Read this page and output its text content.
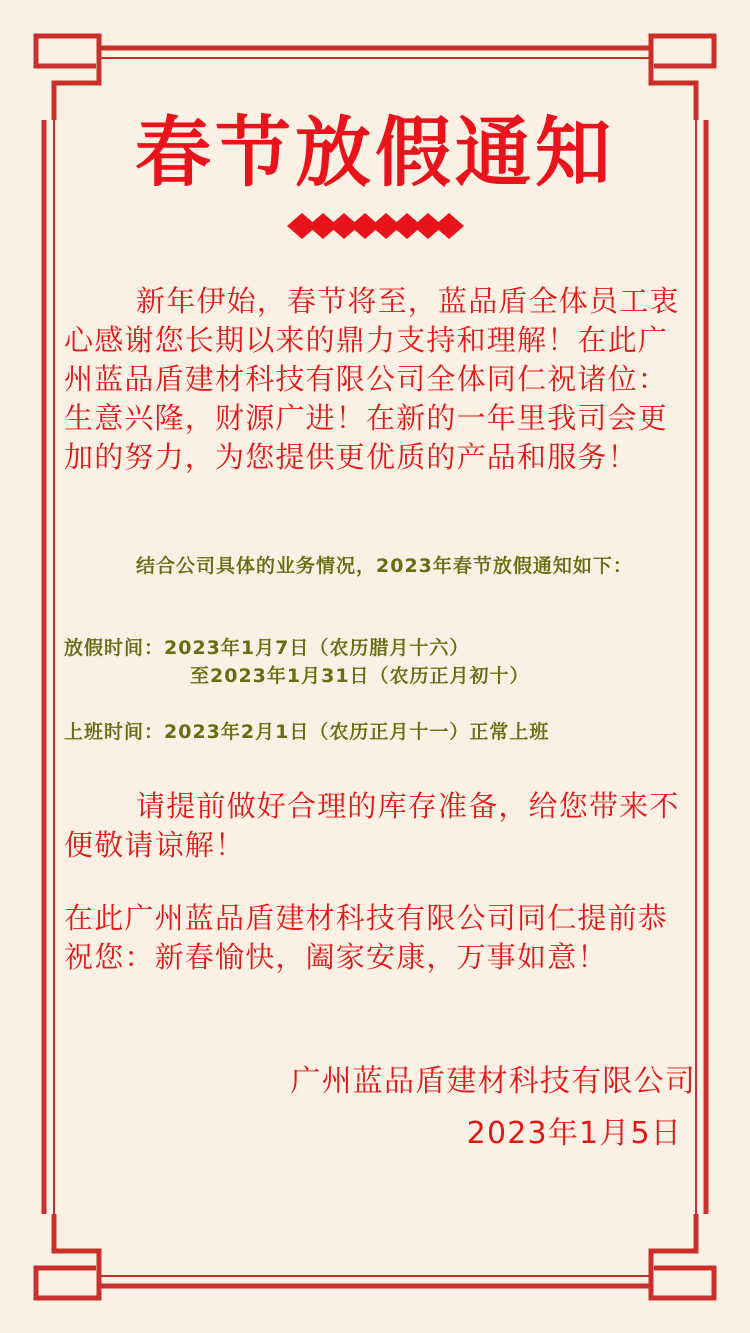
春节放假通知

新年伊始，春节将至，蓝品盾全体员工衷心感谢您长期以来的鼎力支持和理解！在此广州蓝品盾建材科技有限公司全体同仁祝诸位：生意兴隆，财源广进！在新的一年里我司会更加的努力，为您提供更优质的产品和服务！

结合公司具体的业务情况，2023年春节放假通知如下：

放假时间：2023年1月7日（农历腊月十六）

至2023年1月31日（农历正月初十）

上班时间：2023年2月1日（农历正月十一）正常上班

请提前做好合理的库存准备，给您带来不便敬请谅解！

在此广州蓝品盾建材科技有限公司同仁提前恭祝您：新春愉快，阖家安康，万事如意！

广州蓝品盾建材科技有限公司

2023年1月5日
